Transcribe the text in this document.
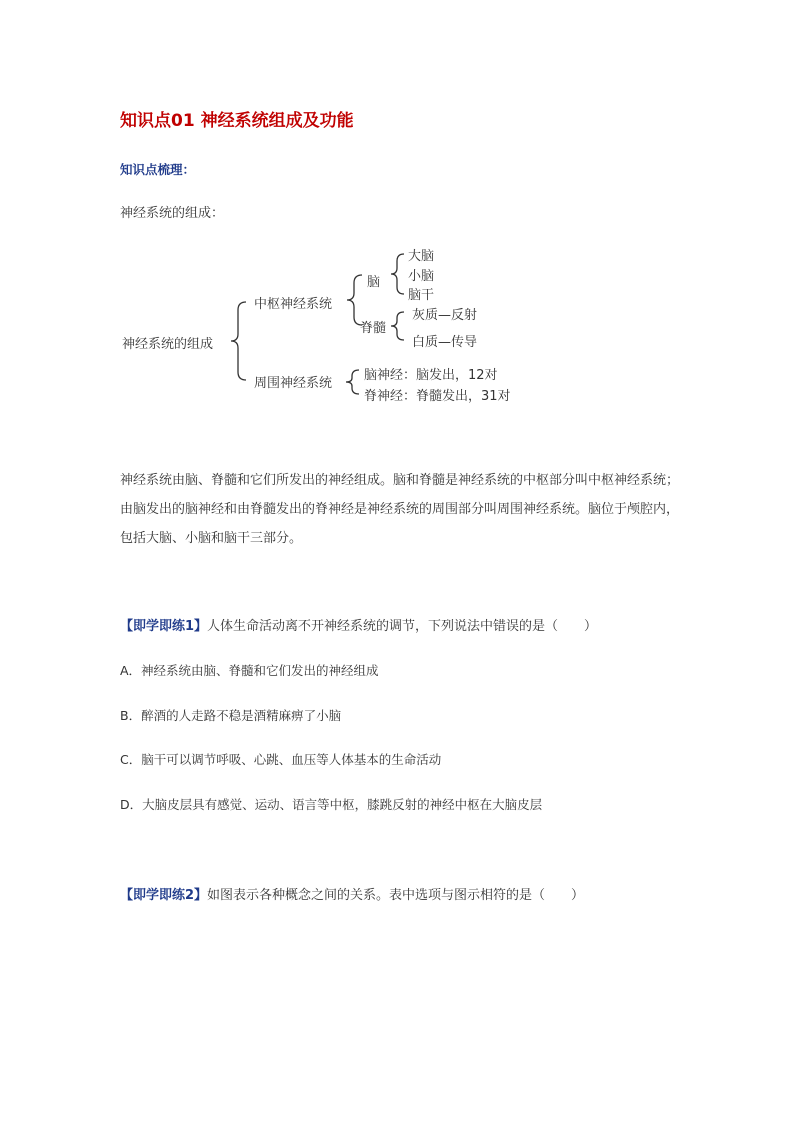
知识点01 神经系统组成及功能
知识点梳理：
神经系统的组成：
神经系统的组成
中枢神经系统
周围神经系统
脑
脊髓
大脑
小脑
脑干
灰质—反射
白质—传导
脑神经：脑发出，12对
脊神经：脊髓发出，31对
神经系统由脑、脊髓和它们所发出的神经组成。脑和脊髓是神经系统的中枢部分叫中枢神经系统；由脑发出的脑神经和由脊髓发出的脊神经是神经系统的周围部分叫周围神经系统。脑位于颅腔内，包括大脑、小脑和脑干三部分。
【即学即练1】人体生命活动离不开神经系统的调节，下列说法中错误的是（　　）
A．神经系统由脑、脊髓和它们发出的神经组成
B．醉酒的人走路不稳是酒精麻痹了小脑
C．脑干可以调节呼吸、心跳、血压等人体基本的生命活动
D．大脑皮层具有感觉、运动、语言等中枢，膝跳反射的神经中枢在大脑皮层
【即学即练2】如图表示各种概念之间的关系。表中选项与图示相符的是（　　）
